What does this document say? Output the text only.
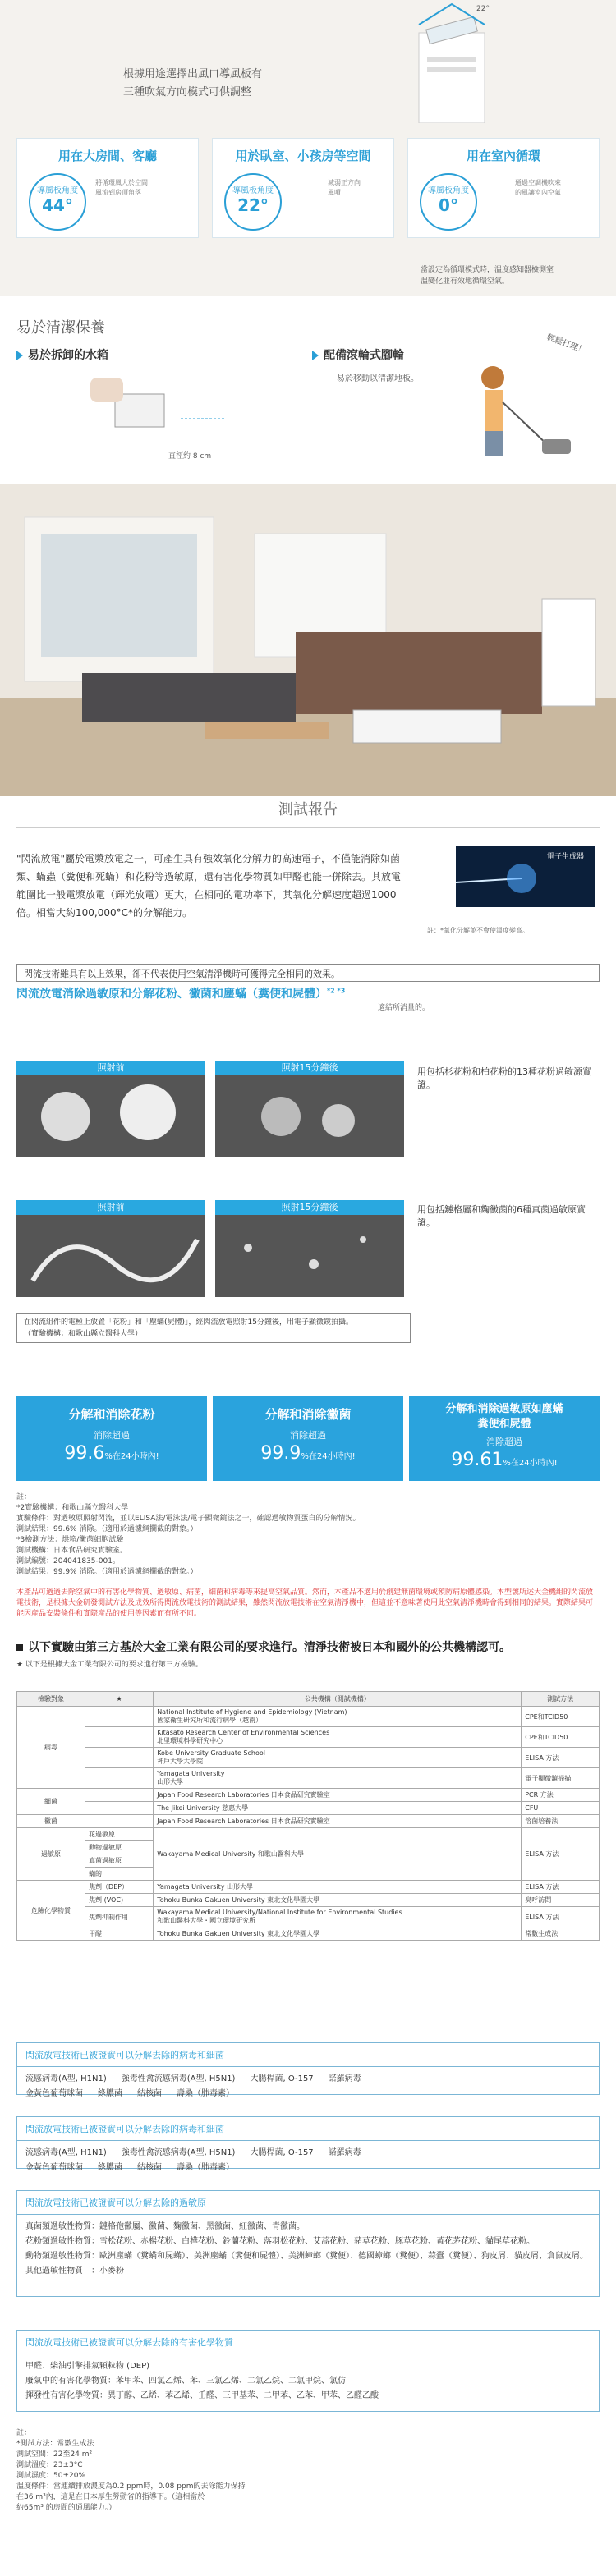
根據用途選擇出風口導風板有
三種吹氣方向模式可供調整
22°
用在大房間、客廳
導風板角度
44°
將循環風大於空間
風流到房頂角落
用於臥室、小孩房等空間
導風板角度
22°
減弱正方向
風噴
用在室內循環
導風板角度
0°
通過空調機吹來
的風讓室內空氣
當設定為循環模式時，溫度感知器檢測室
溫變化並有效地循環空氣。
易於清潔保養
易於拆卸的水箱
直徑約 8 cm
配備滾輪式腳輪
易於移動以清潔地板。
輕鬆打理！
測試報告
"閃流放電"屬於電漿放電之一，可產生具有強效氧化分解力的高速電子，不僅能消除如菌類、蟎蟲（糞便和死蟎）和花粉等過敏原，還有害化學物質如甲醛也能一併除去。其放電範圍比一般電漿放電（輝光放電）更大，在相同的電功率下，其氧化分解速度超過1000倍。相當大約100,000°C*的分解能力。
電子生成器
註：*氧化分解並不會使溫度變高。
閃流技術雖具有以上效果，卻不代表使用空氣清淨機時可獲得完全相同的效果。
閃流放電消除過敏原和分解花粉、黴菌和塵蟎（糞便和屍體）$^{*2 *3}$
適結所消量的。
照射前	照射15分鐘後	用包括杉花粉和柏花粉的13種花粉過敏源實證。
照射前	照射15分鐘後	用包括鏈格屬和麴黴菌的6種真菌過敏原實證。
在閃流組件的電極上放置「花粉」和「塵蟎(屍體)」，經閃流放電照射15分鐘後，用電子顯微鏡拍攝。
（實驗機構：和歌山縣立醫科大學）
分解和消除花粉
消除超過
99.6%在24小時內!
分解和消除黴菌
消除超過
99.9%在24小時內!
分解和消除過敏原如塵蟎
糞便和屍體
消除超過
99.61%在24小時內!
註：
*2實驗機構：和歌山縣立醫科大學
實驗條件：對過敏原照射閃流，並以ELISA法/電泳法/電子顯微鏡法之一，確認過敏物質蛋白的分解情況。
測試結果：99.6% 消除。（適用於過濾網攔截的對象。）
*3檢測方法：烘箱/黴菌細胞試驗
測試機構：日本食品研究實驗室。
測試編號：204041835-001。
測試結果：99.9% 消除。（適用於過濾網攔截的對象。）
本產品可過過去除空氣中的有害化學物質、過敏原、病菌，細菌和病毒等來提高空氣品質。然而，本產品不適用於創建無菌環境或預防病原體感染。本型號所述大金機組的閃流放電技術，是根據大金研發測試方法及成效所得閃流放電技術的測試結果，雖然閃流放電技術在空氣清淨機中，但這並不意味著使用此空氣清淨機時會得到相同的結果。實際結果可能因產品安裝條件和實際產品的使用等因素而有所不同。
以下實驗由第三方基於大金工業有限公司的要求進行。清淨技術被日本和國外的公共機構認可。
★ 以下是根據大金工業有限公司的要求進行第三方檢驗。
檢驗對象	★	公共機構（測試機構）	測試方法
病毒		National Institute of Hygiene and Epidemiology (Vietnam)
國家衛生研究所和流行病學（越南）	CPE和TCID50
		Kitasato Research Center of Environmental Sciences
北里環境科學研究中心	CPE和TCID50
		Kobe University Graduate School
神戶大學大學院	ELISA 方法
		Yamagata University
山形大學	電子顯微鏡掃描
細菌		Japan Food Research Laboratories 日本食品研究實驗室	PCR 方法
		The Jikei University 慈惠大學	CFU
黴菌		Japan Food Research Laboratories 日本食品研究實驗室	溶菌培養法
過敏原	花過敏原	Wakayama Medical University 和歌山醫科大學	ELISA 方法
	動物過敏原		
	真菌過敏原		
	蟎的		
危險化學物質	焦劑（DEP）	Yamagata University 山形大學	ELISA 方法
	焦劑 (VOC)	Tohoku Bunka Gakuen University 東北文化學園大學	臭呼訪問
	焦劑抑制作用	Wakayama Medical University/National Institute for Environmental Studies
和歌山醫科大學・國立環境研究所	ELISA 方法
	甲醛	Tohoku Bunka Gakuen University 東北文化學園大學	常數生成法
閃流放電技術已被證實可以分解去除的病毒和細菌
流感病毒(A型, H1N1) 強毒性禽流感病毒(A型, H5N1) 大腸桿菌, O-157 諾羅病毒
金黃色葡萄球菌 綠膿菌 結核菌 壽桑（肺毒素）
閃流放電技術已被證實可以分解去除的病毒和細菌
流感病毒(A型, H1N1) 強毒性禽流感病毒(A型, H5N1) 大腸桿菌, O-157 諾羅病毒
金黃色葡萄球菌 綠膿菌 結核菌 壽桑（肺毒素）
閃流放電技術已被證實可以分解去除的過敏原
真菌類過敏性物質：鏈格孢黴屬、黴菌、麴黴菌、黑黴菌、紅黴菌、青黴菌。
花粉類過敏性物質：雪松花粉、赤楊花粉、白樺花粉、鈴蘭花粉、落羽松花粉、艾蒿花粉、豬草花粉、豚草花粉、黃花茅花粉、貓尾草花粉。
動物類過敏性物質：歐洲塵蟎（糞蟎和屍蟎）、美洲塵蟎（糞便和屍體）、美洲蟑螂（糞便）、德國蟑螂（糞便）、蒜蠹（糞便）、狗皮屑、貓皮屑、倉鼠皮屑。
其他過敏性物質　：小麥粉
閃流放電技術已被證實可以分解去除的有害化學物質
甲醛、柴油引擎排氣顆粒物 (DEP)
廢氣中的有害化學物質：苯甲苯、四氯乙烯、苯、三氯乙烯、二氯乙烷、二氯甲烷、氯仿
揮發性有害化學物質：異丁醇、乙烯、苯乙烯、壬醛、三甲基苯、二甲苯、乙苯、甲苯、乙醛乙酸
註：
*測試方法：常數生成法
測試空間：22至24 m²
測試溫度：23±3°C
測試濕度：50±20%
溫度條件：當連續排放濃度為0.2 ppm時，0.08 ppm的去除能力保持
在36 m³內，這是在日本厚生勞動省的指導下。（這相當於
約65m³ 的房間的通風能力。）
